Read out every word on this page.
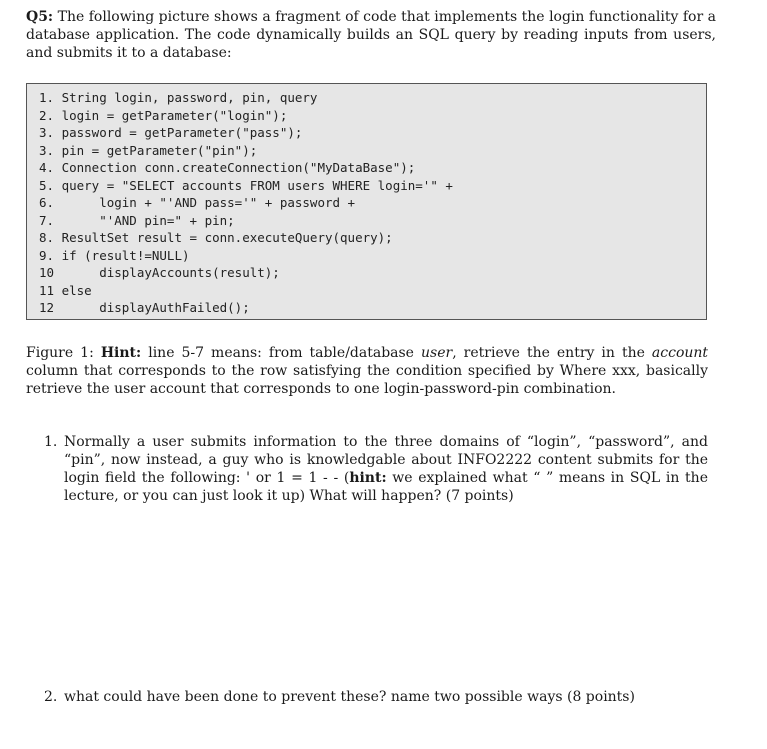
Q5: The following picture shows a fragment of code that implements the login functionality for a database application. The code dynamically builds an SQL query by reading inputs from users, and submits it to a database:
1. String login, password, pin, query
2. login = getParameter("login");
3. password = getParameter("pass");
3. pin = getParameter("pin");
4. Connection conn.createConnection("MyDataBase");
5. query = "SELECT accounts FROM users WHERE login='" +
6.      login + "'AND pass='" + password +
7.      "'AND pin=" + pin;
8. ResultSet result = conn.executeQuery(query);
9. if (result!=NULL)
10      displayAccounts(result);
11 else
12      displayAuthFailed();
Figure 1: Hint: line 5-7 means: from table/database user, retrieve the entry in the account column that corresponds to the row satisfying the condition specified by Where xxx, basically retrieve the user account that corresponds to one login-password-pin combination.
1. Normally a user submits information to the three domains of “login”, “password”, and “pin”, now instead, a guy who is knowledgable about INFO2222 content submits for the login field the following: ' or 1 = 1 - - (hint: we explained what “ ” means in SQL in the lecture, or you can just look it up) What will happen? (7 points)
2. what could have been done to prevent these? name two possible ways (8 points)
